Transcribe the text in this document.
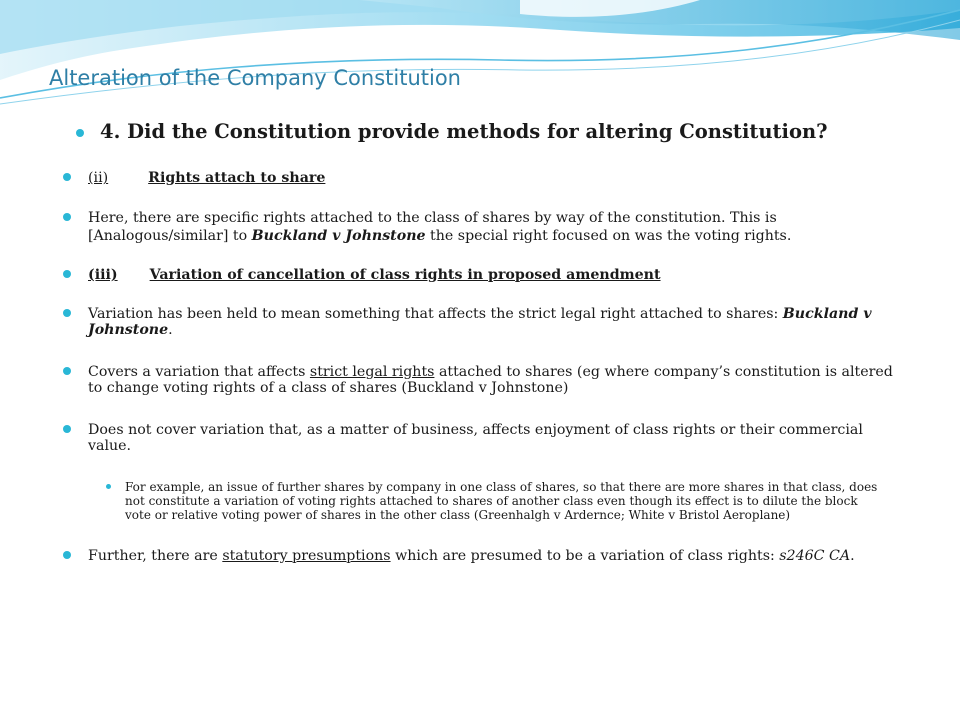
Alteration of the Company Constitution
4. Did the Constitution provide methods for altering Constitution?
(ii)	Rights attach to share
Here, there are specific rights attached to the class of shares by way of the constitution. This is
[Analogous/similar] to Buckland v Johnstone the special right focused on was the voting rights.
(iii) Variation of cancellation of class rights in proposed amendment
Variation has been held to mean something that affects the strict legal right attached to shares: Buckland v
Johnstone.
Covers a variation that affects strict legal rights attached to shares (eg where company’s constitution is altered
to change voting rights of a class of shares (Buckland v Johnstone)
Does not cover variation that, as a matter of business, affects enjoyment of class rights or their commercial
value.
For example, an issue of further shares by company in one class of shares, so that there are more shares in that class, does
not constitute a variation of voting rights attached to shares of another class even though its effect is to dilute the block
vote or relative voting power of shares in the other class (Greenhalgh v Ardernce; White v Bristol Aeroplane)
Further, there are statutory presumptions which are presumed to be a variation of class rights: s246C CA.
